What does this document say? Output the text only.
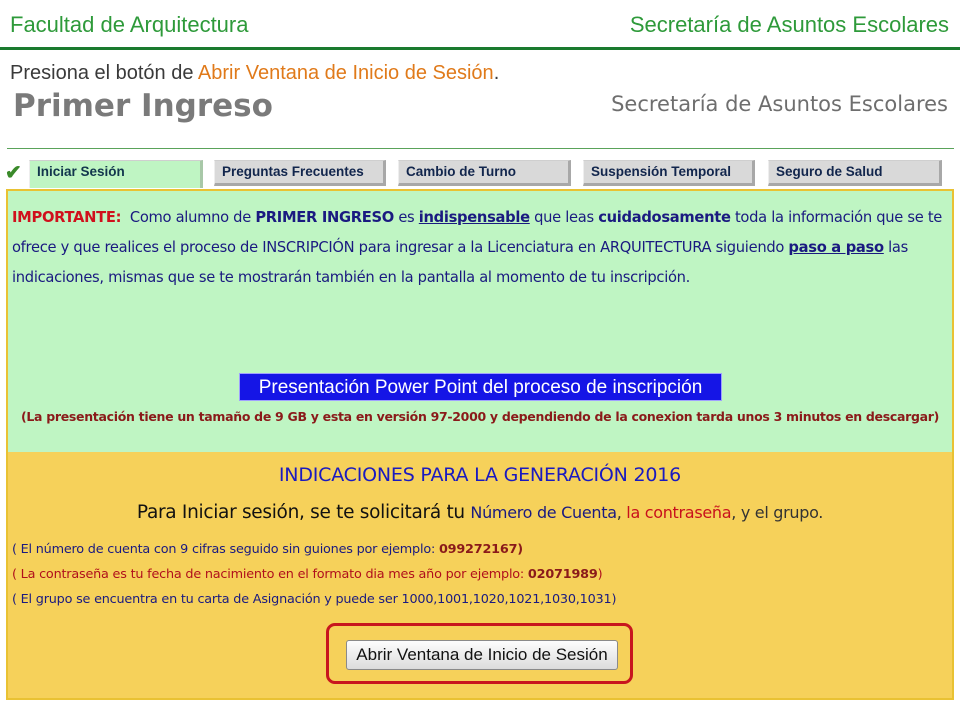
Facultad de Arquitectura	Secretaría de Asuntos Escolares
Presiona el botón de Abrir Ventana de Inicio de Sesión.
Primer Ingreso	Secretaría de Asuntos Escolares
✔	Iniciar Sesión	Preguntas Frecuentes	Cambio de Turno	Suspensión Temporal	Seguro de Salud
IMPORTANTE: Como alumno de PRIMER INGRESO es indispensable que leas cuidadosamente toda la información que se te ofrece y que realices el proceso de INSCRIPCIÓN para ingresar a la Licenciatura en ARQUITECTURA siguiendo paso a paso las indicaciones, mismas que se te mostrarán también en la pantalla al momento de tu inscripción.
Presentación Power Point del proceso de inscripción
(La presentación tiene un tamaño de 9 GB y esta en versión 97-2000 y dependiendo de la conexion tarda unos 3 minutos en descargar)
INDICACIONES PARA LA GENERACIÓN 2016
Para Iniciar sesión, se te solicitará tu Número de Cuenta, la contraseña, y el grupo.
( El número de cuenta con 9 cifras seguido sin guiones por ejemplo: 099272167)
( La contraseña es tu fecha de nacimiento en el formato dia mes año por ejemplo: 02071989)
( El grupo se encuentra en tu carta de Asignación y puede ser 1000,1001,1020,1021,1030,1031)
Abrir Ventana de Inicio de Sesión
